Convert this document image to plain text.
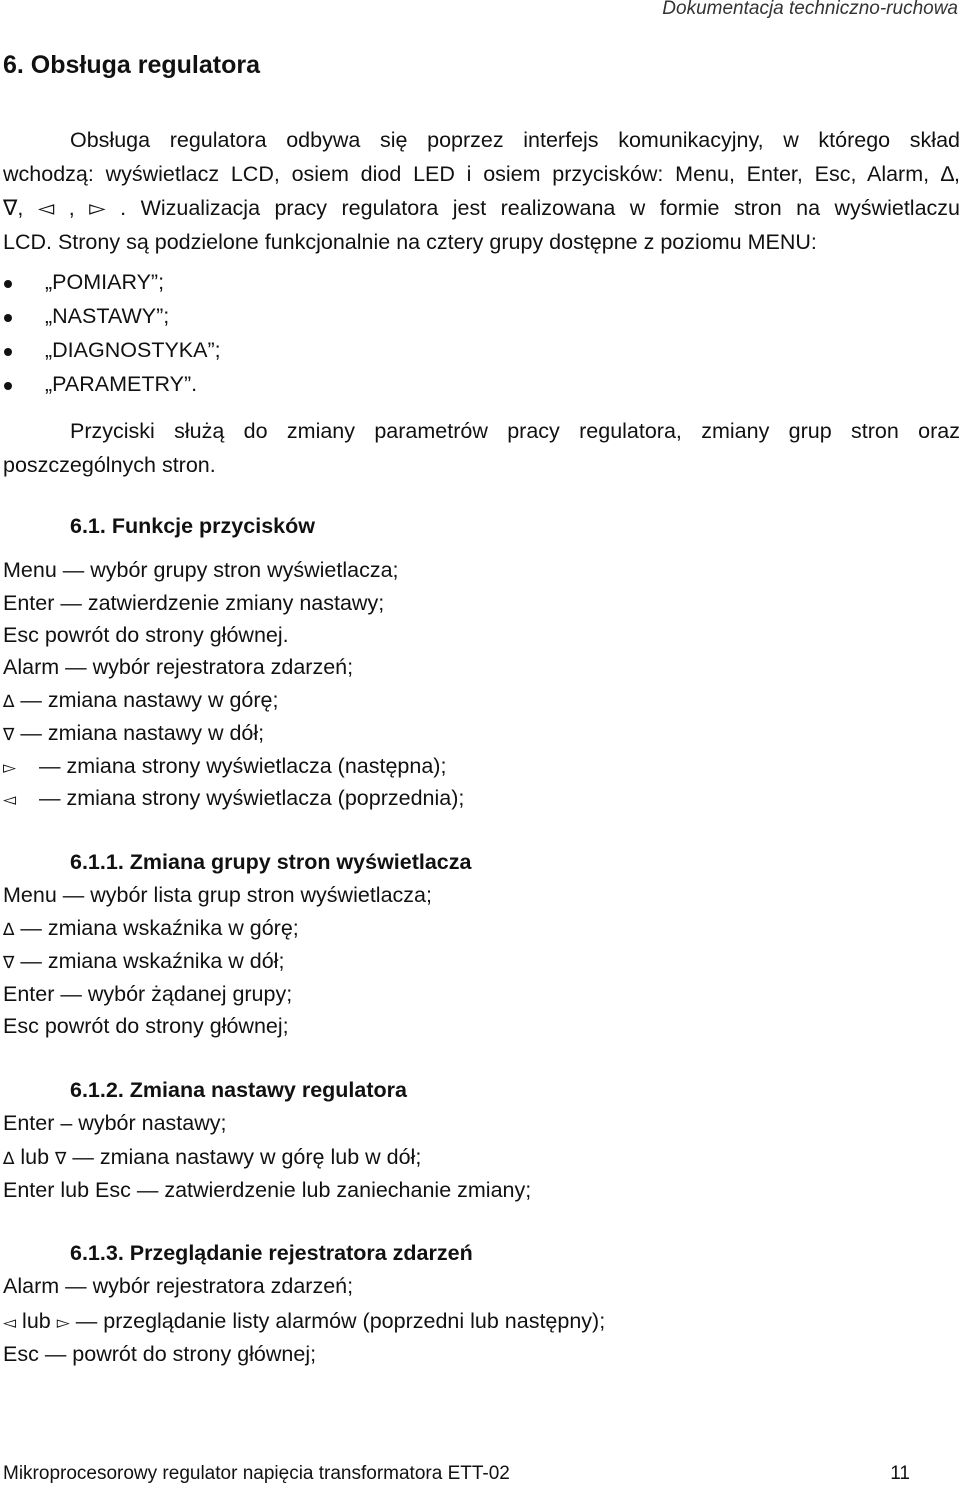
Dokumentacja techniczno-ruchowa
6. Obsługa regulatora
Obsługa regulatora odbywa się poprzez interfejs komunikacyjny, w którego skład
wchodzą: wyświetlacz LCD, osiem diod LED i osiem przycisków: Menu, Enter, Esc, Alarm, ∆,
∇, ◅ , ▻ . Wizualizacja pracy regulatora jest realizowana w formie stron na wyświetlaczu
LCD. Strony są podzielone funkcjonalnie na cztery grupy dostępne z poziomu MENU:
„POMIARY”;
„NASTAWY”;
„DIAGNOSTYKA”;
„PARAMETRY”.
Przyciski służą do zmiany parametrów pracy regulatora, zmiany grup stron oraz
poszczególnych stron.
6.1. Funkcje przycisków
Menu — wybór grupy stron wyświetlacza;
Enter — zatwierdzenie zmiany nastawy;
Esc powrót do strony głównej.
Alarm — wybór rejestratora zdarzeń;
∆ — zmiana nastawy w górę;
∇ — zmiana nastawy w dół;
▻ — zmiana strony wyświetlacza (następna);
◅ — zmiana strony wyświetlacza (poprzednia);
6.1.1. Zmiana grupy stron wyświetlacza
Menu — wybór lista grup stron wyświetlacza;
∆ — zmiana wskaźnika w górę;
∇ — zmiana wskaźnika w dół;
Enter — wybór żądanej grupy;
Esc powrót do strony głównej;
6.1.2. Zmiana nastawy regulatora
Enter – wybór nastawy;
∆ lub ∇ — zmiana nastawy w górę lub w dół;
Enter lub Esc — zatwierdzenie lub zaniechanie zmiany;
6.1.3. Przeglądanie rejestratora zdarzeń
Alarm — wybór rejestratora zdarzeń;
◅ lub ▻ — przeglądanie listy alarmów (poprzedni lub następny);
Esc — powrót do strony głównej;
Mikroprocesorowy regulator napięcia transformatora ETT-02	11
